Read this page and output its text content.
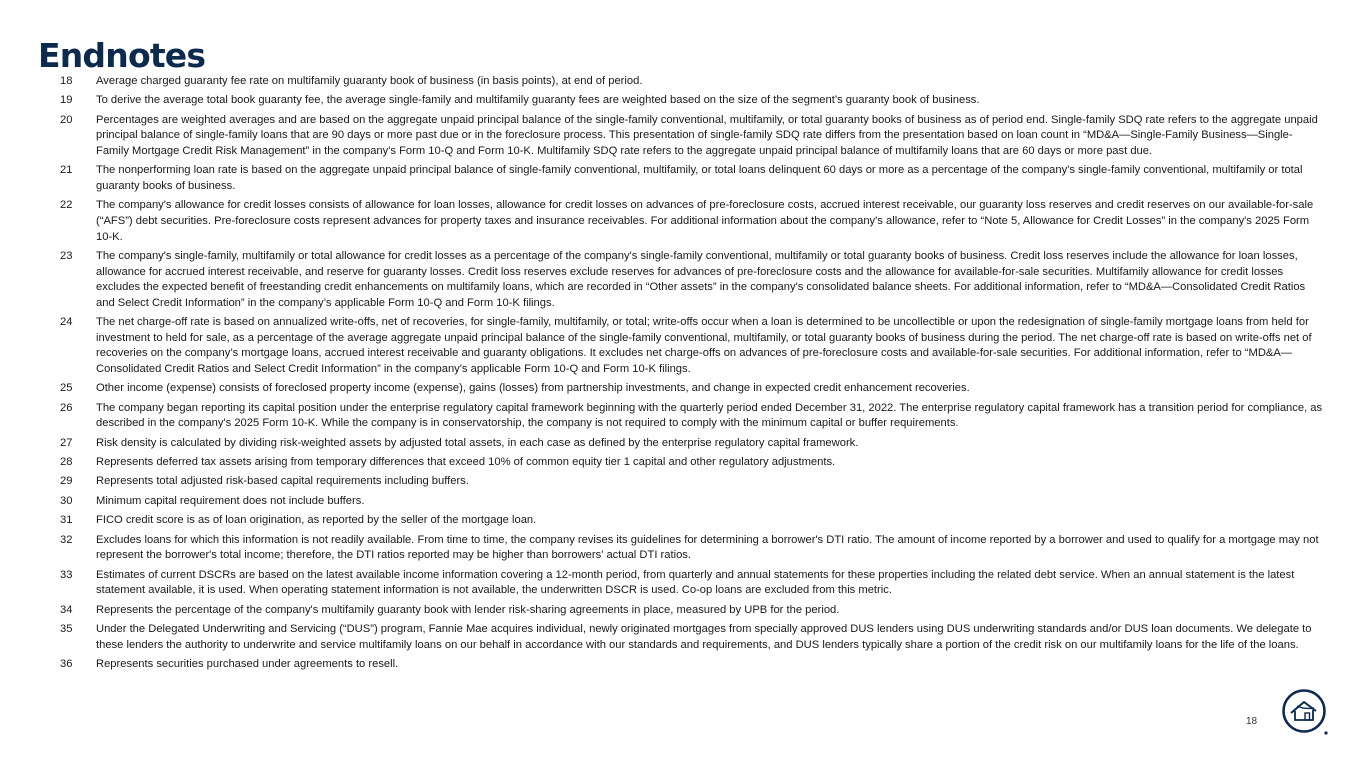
Endnotes
18	Average charged guaranty fee rate on multifamily guaranty book of business (in basis points), at end of period.
19	To derive the average total book guaranty fee, the average single-family and multifamily guaranty fees are weighted based on the size of the segment’s guaranty book of business.
20	Percentages are weighted averages and are based on the aggregate unpaid principal balance of the single-family conventional, multifamily, or total guaranty books of business as of period end. Single-family SDQ rate refers to the aggregate unpaid principal balance of single-family loans that are 90 days or more past due or in the foreclosure process. This presentation of single-family SDQ rate differs from the presentation based on loan count in “MD&A—Single-Family Business—Single-Family Mortgage Credit Risk Management” in the company's Form 10-Q and Form 10-K. Multifamily SDQ rate refers to the aggregate unpaid principal balance of multifamily loans that are 60 days or more past due.
21	The nonperforming loan rate is based on the aggregate unpaid principal balance of single-family conventional, multifamily, or total loans delinquent 60 days or more as a percentage of the company's single-family conventional, multifamily or total guaranty books of business.
22	The company's allowance for credit losses consists of allowance for loan losses, allowance for credit losses on advances of pre-foreclosure costs, accrued interest receivable, our guaranty loss reserves and credit reserves on our available-for-sale (“AFS”) debt securities. Pre-foreclosure costs represent advances for property taxes and insurance receivables. For additional information about the company's allowance, refer to “Note 5, Allowance for Credit Losses” in the company's 2025 Form 10-K.
23	The company's single-family, multifamily or total allowance for credit losses as a percentage of the company's single-family conventional, multifamily or total guaranty books of business. Credit loss reserves include the allowance for loan losses, allowance for accrued interest receivable, and reserve for guaranty losses. Credit loss reserves exclude reserves for advances of pre-foreclosure costs and the allowance for available-for-sale securities. Multifamily allowance for credit losses excludes the expected benefit of freestanding credit enhancements on multifamily loans, which are recorded in “Other assets” in the company's consolidated balance sheets. For additional information, refer to “MD&A—Consolidated Credit Ratios and Select Credit Information” in the company’s applicable Form 10-Q and Form 10-K filings.
24	The net charge-off rate is based on annualized write-offs, net of recoveries, for single-family, multifamily, or total; write-offs occur when a loan is determined to be uncollectible or upon the redesignation of single-family mortgage loans from held for investment to held for sale, as a percentage of the average aggregate unpaid principal balance of the single-family conventional, multifamily, or total guaranty books of business during the period. The net charge-off rate is based on write-offs net of recoveries on the company’s mortgage loans, accrued interest receivable and guaranty obligations. It excludes net charge-offs on advances of pre-foreclosure costs and available-for-sale securities. For additional information, refer to “MD&A—Consolidated Credit Ratios and Select Credit Information” in the company's applicable Form 10-Q and Form 10-K filings.
25	Other income (expense) consists of foreclosed property income (expense), gains (losses) from partnership investments, and change in expected credit enhancement recoveries.
26	The company began reporting its capital position under the enterprise regulatory capital framework beginning with the quarterly period ended December 31, 2022. The enterprise regulatory capital framework has a transition period for compliance, as described in the company's 2025 Form 10-K. While the company is in conservatorship, the company is not required to comply with the minimum capital or buffer requirements.
27	Risk density is calculated by dividing risk-weighted assets by adjusted total assets, in each case as defined by the enterprise regulatory capital framework.
28	Represents deferred tax assets arising from temporary differences that exceed 10% of common equity tier 1 capital and other regulatory adjustments.
29	Represents total adjusted risk-based capital requirements including buffers.
30	Minimum capital requirement does not include buffers.
31	FICO credit score is as of loan origination, as reported by the seller of the mortgage loan.
32	Excludes loans for which this information is not readily available. From time to time, the company revises its guidelines for determining a borrower's DTI ratio. The amount of income reported by a borrower and used to qualify for a mortgage may not represent the borrower's total income; therefore, the DTI ratios reported may be higher than borrowers' actual DTI ratios.
33	Estimates of current DSCRs are based on the latest available income information covering a 12-month period, from quarterly and annual statements for these properties including the related debt service. When an annual statement is the latest statement available, it is used. When operating statement information is not available, the underwritten DSCR is used. Co-op loans are excluded from this metric.
34	Represents the percentage of the company's multifamily guaranty book with lender risk-sharing agreements in place, measured by UPB for the period.
35	Under the Delegated Underwriting and Servicing (“DUS”) program, Fannie Mae acquires individual, newly originated mortgages from specially approved DUS lenders using DUS underwriting standards and/or DUS loan documents. We delegate to these lenders the authority to underwrite and service multifamily loans on our behalf in accordance with our standards and requirements, and DUS lenders typically share a portion of the credit risk on our multifamily loans for the life of the loans.
36	Represents securities purchased under agreements to resell.
18
